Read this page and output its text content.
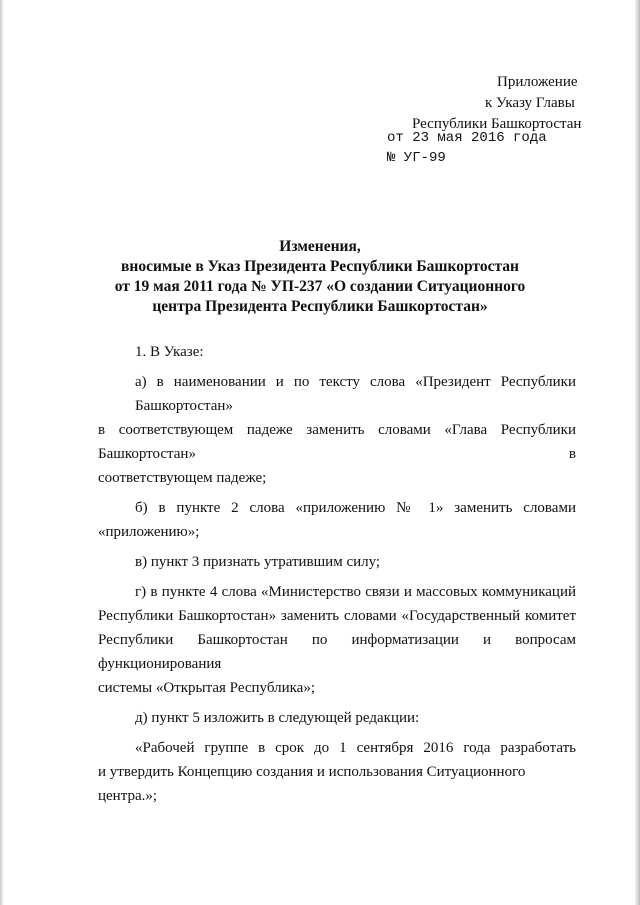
Приложение
к Указу Главы
Республики Башкортостан
от 23 мая 2016 года
№ УГ-99
Изменения,
вносимые в Указ Президента Республики Башкортостан
от 19 мая 2011 года № УП-237 «О создании Ситуационного
центра Президента Республики Башкортостан»
1. В Указе:
а) в наименовании и по тексту слова «Президент Республики Башкортостан»
в соответствующем падеже заменить словами «Глава Республики Башкортостан» в
соответствующем падеже;
б) в пункте 2 слова «приложению № 1» заменить словами
«приложению»;
в) пункт 3 признать утратившим силу;
г) в пункте 4 слова «Министерство связи и массовых коммуникаций
Республики Башкортостан» заменить словами «Государственный комитет
Республики Башкортостан по информатизации и вопросам функционирования
системы «Открытая Республика»;
д) пункт 5 изложить в следующей редакции:
«Рабочей группе в срок до 1 сентября 2016 года разработать
и утвердить Концепцию создания и использования Ситуационного центра.»;
